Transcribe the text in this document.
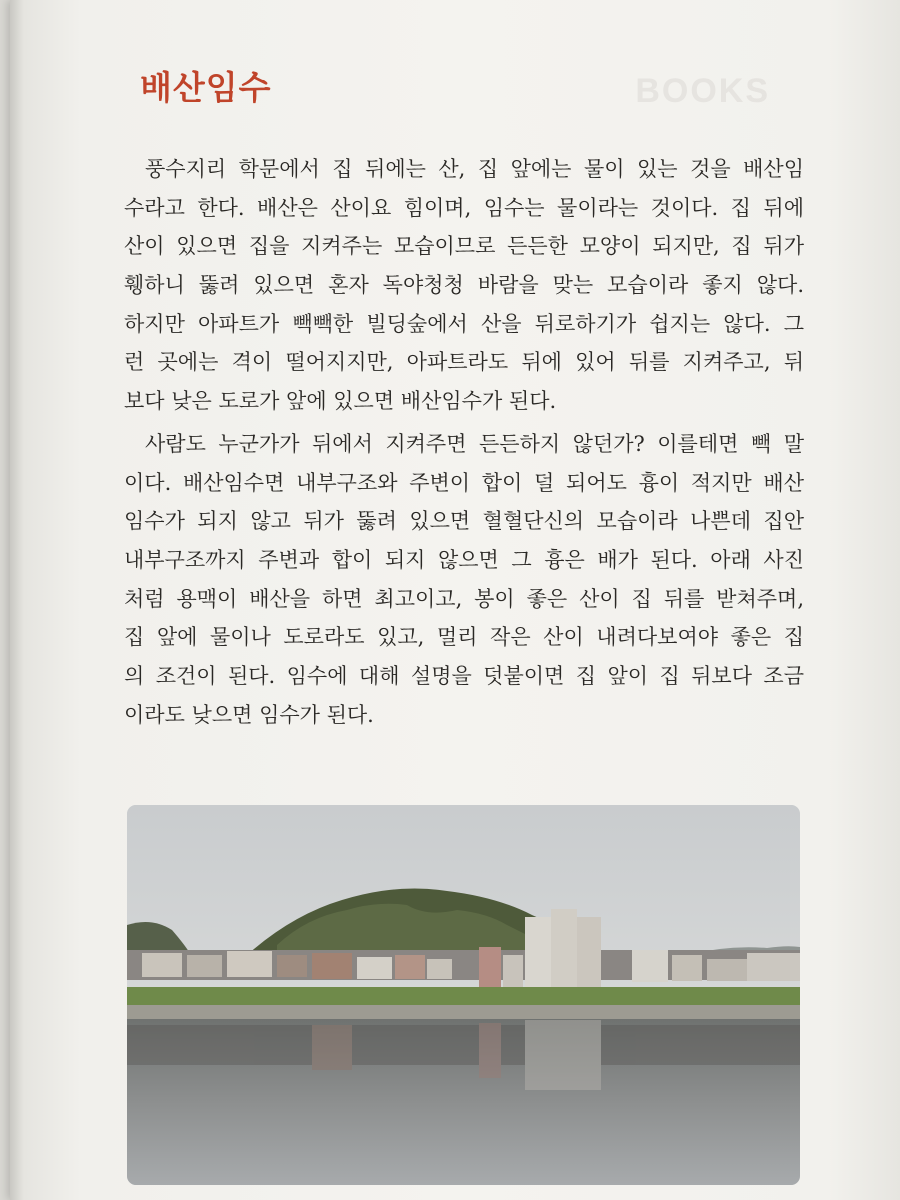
BOOKS
배산임수
풍수지리 학문에서 집 뒤에는 산, 집 앞에는 물이 있는 것을 배산임
수라고 한다. 배산은 산이요 힘이며, 임수는 물이라는 것이다. 집 뒤에
산이 있으면 집을 지켜주는 모습이므로 든든한 모양이 되지만, 집 뒤가
휑하니 뚫려 있으면 혼자 독야청청 바람을 맞는 모습이라 좋지 않다.
하지만 아파트가 빽빽한 빌딩숲에서 산을 뒤로하기가 쉽지는 않다. 그
런 곳에는 격이 떨어지지만, 아파트라도 뒤에 있어 뒤를 지켜주고, 뒤
보다 낮은 도로가 앞에 있으면 배산임수가 된다.
사람도 누군가가 뒤에서 지켜주면 든든하지 않던가? 이를테면 빽 말
이다. 배산임수면 내부구조와 주변이 합이 덜 되어도 흉이 적지만 배산
임수가 되지 않고 뒤가 뚫려 있으면 혈혈단신의 모습이라 나쁜데 집안
내부구조까지 주변과 합이 되지 않으면 그 흉은 배가 된다. 아래 사진
처럼 용맥이 배산을 하면 최고이고, 봉이 좋은 산이 집 뒤를 받쳐주며,
집 앞에 물이나 도로라도 있고, 멀리 작은 산이 내려다보여야 좋은 집
의 조건이 된다. 임수에 대해 설명을 덧붙이면 집 앞이 집 뒤보다 조금
이라도 낮으면 임수가 된다.
